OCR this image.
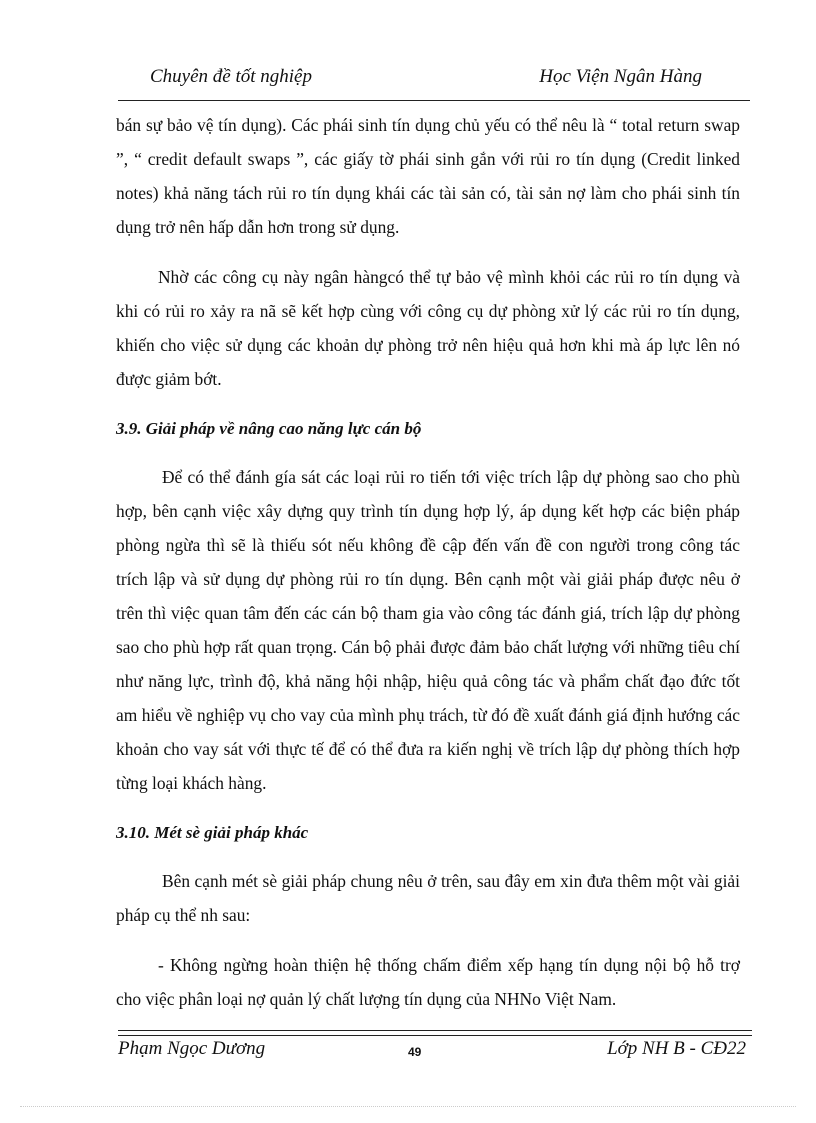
Chuyên đề tốt nghiệp	Học Viện Ngân Hàng

bán sự bảo vệ tín dụng). Các phái sinh tín dụng chủ yếu có thể nêu là “ total return swap ”, “ credit default swaps ”, các giấy tờ phái sinh gắn với rủi ro tín dụng (Credit linked notes) khả năng tách rủi ro tín dụng khái các tài sản có, tài sản nợ làm cho phái sinh tín dụng trở nên hấp dẫn hơn trong sử dụng.

Nhờ các công cụ này ngân hàngcó thể tự bảo vệ mình khỏi các rủi ro tín dụng và khi có rủi ro xảy ra nã sẽ kết hợp cùng với công cụ dự phòng xử lý các rủi ro tín dụng, khiến cho việc sử dụng các khoản dự phòng trở nên hiệu quả hơn khi mà áp lực lên nó được giảm bớt.

3.9. Giải pháp về nâng cao năng lực cán bộ

Để có thể đánh gía sát các loại rủi ro tiến tới việc trích lập dự phòng sao cho phù hợp, bên cạnh việc xây dựng quy trình tín dụng hợp lý, áp dụng kết hợp các biện pháp phòng ngừa thì sẽ là thiếu sót nếu không đề cập đến vấn đề con người trong công tác trích lập và sử dụng dự phòng rủi ro tín dụng. Bên cạnh một vài giải pháp được nêu ở trên thì việc quan tâm đến các cán bộ tham gia vào công tác đánh giá, trích lập dự phòng sao cho phù hợp rất quan trọng. Cán bộ phải được đảm bảo chất lượng với những tiêu chí như năng lực, trình độ, khả năng hội nhập, hiệu quả công tác và phẩm chất đạo đức tốt am hiểu về nghiệp vụ cho vay của mình phụ trách, từ đó đề xuất đánh giá định hướng các khoản cho vay sát với thực tế để có thể đưa ra kiến nghị về trích lập dự phòng thích hợp từng loại khách hàng.

3.10. Mét sè giải pháp khác

Bên cạnh mét sè giải pháp chung nêu ở trên, sau đây em xin đưa thêm một vài giải pháp cụ thể nh sau:

- Không ngừng hoàn thiện hệ thống chấm điểm xếp hạng tín dụng nội bộ hỗ trợ cho việc phân loại nợ quản lý chất lượng tín dụng của NHNo Việt Nam.

Phạm Ngọc Dương	49	Lớp NH B - CĐ22
